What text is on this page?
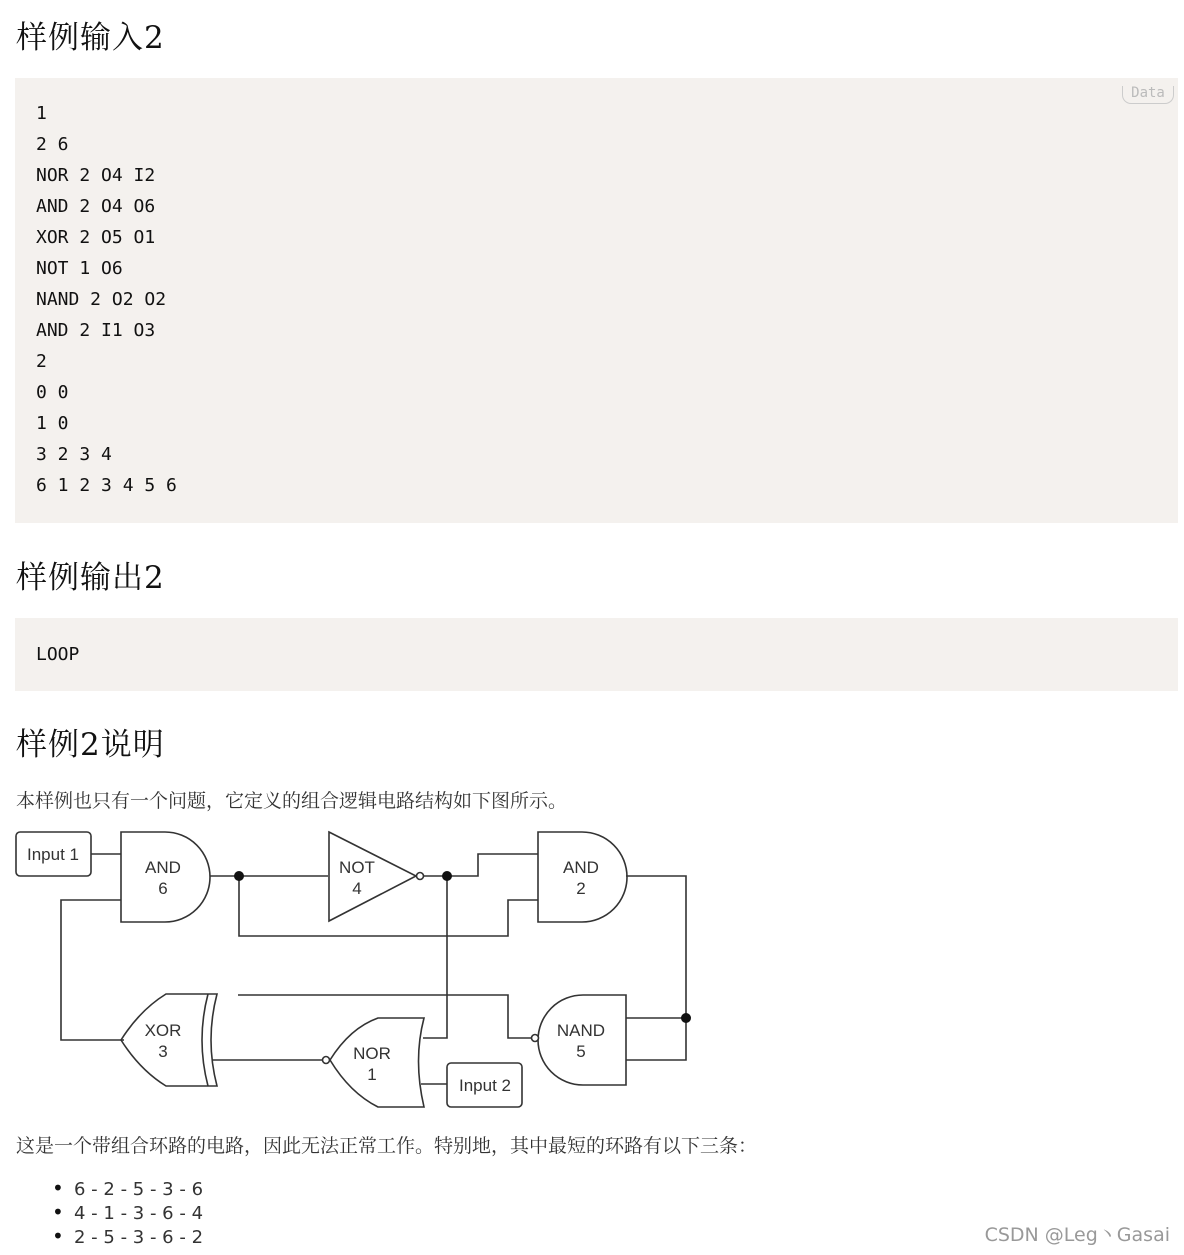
样例输入2
Data
1
2 6
NOR 2 O4 I2
AND 2 O4 O6
XOR 2 O5 O1
NOT 1 O6
NAND 2 O2 O2
AND 2 I1 O3
2
0 0
1 0
3 2 3 4
6 1 2 3 4 5 6
样例输出2
LOOP
样例2说明

本样例也只有一个问题，它定义的组合逻辑电路结构如下图所示。

Input 1
Input 2
AND
6
NOT
4
AND
2
XOR
3	NOR
1
NAND
5

这是一个带组合环路的电路，因此无法正常工作。特别地，其中最短的环路有以下三条：

• 6 - 2 - 5 - 3 - 6
• 4 - 1 - 3 - 6 - 4
• 2 - 5 - 3 - 6 - 2	CSDN @Leg丶Gasai
